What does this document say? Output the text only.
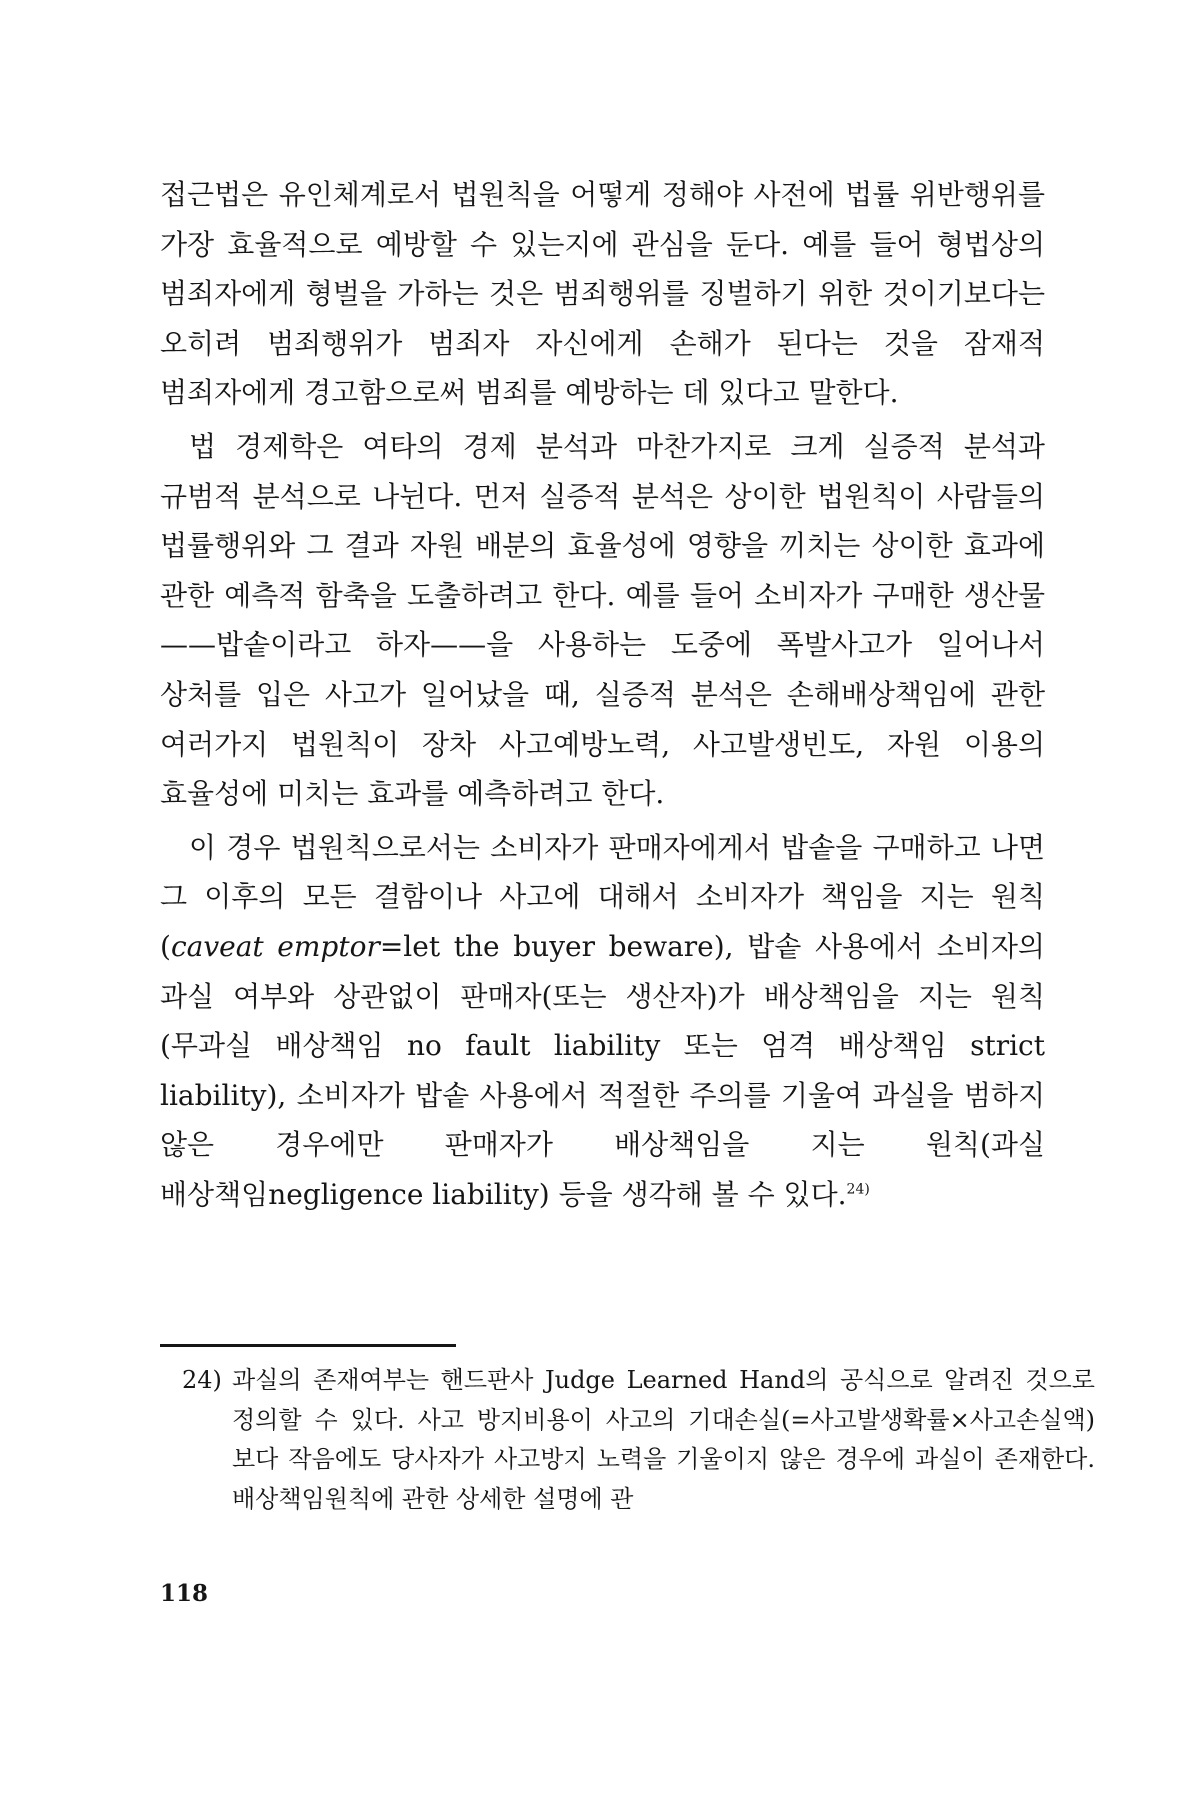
접근법은 유인체계로서 법원칙을 어떻게 정해야 사전에 법률 위반행위를 가장 효율적으로 예방할 수 있는지에 관심을 둔다. 예를 들어 형법상의 범죄자에게 형벌을 가하는 것은 범죄행위를 징벌하기 위한 것이기보다는 오히려 범죄행위가 범죄자 자신에게 손해가 된다는 것을 잠재적 범죄자에게 경고함으로써 범죄를 예방하는 데 있다고 말한다.

법 경제학은 여타의 경제 분석과 마찬가지로 크게 실증적 분석과 규범적 분석으로 나뉜다. 먼저 실증적 분석은 상이한 법원칙이 사람들의 법률행위와 그 결과 자원 배분의 효율성에 영향을 끼치는 상이한 효과에 관한 예측적 함축을 도출하려고 한다. 예를 들어 소비자가 구매한 생산물——밥솥이라고 하자——을 사용하는 도중에 폭발사고가 일어나서 상처를 입은 사고가 일어났을 때, 실증적 분석은 손해배상책임에 관한 여러가지 법원칙이 장차 사고예방노력, 사고발생빈도, 자원 이용의 효율성에 미치는 효과를 예측하려고 한다.

이 경우 법원칙으로서는 소비자가 판매자에게서 밥솥을 구매하고 나면 그 이후의 모든 결함이나 사고에 대해서 소비자가 책임을 지는 원칙(caveat emptor=let the buyer beware), 밥솥 사용에서 소비자의 과실 여부와 상관없이 판매자(또는 생산자)가 배상책임을 지는 원칙(무과실 배상책임 no fault liability 또는 엄격 배상책임 strict liability), 소비자가 밥솥 사용에서 적절한 주의를 기울여 과실을 범하지 않은 경우에만 판매자가 배상책임을 지는 원칙(과실 배상책임negligence liability) 등을 생각해 볼 수 있다.$^{24)}$

24) 과실의 존재여부는 핸드판사 Judge Learned Hand의 공식으로 알려진 것으로 정의할 수 있다. 사고 방지비용이 사고의 기대손실(=사고발생확률×사고손실액)보다 작음에도 당사자가 사고방지 노력을 기울이지 않은 경우에 과실이 존재한다. 배상책임원칙에 관한 상세한 설명에 관

118
